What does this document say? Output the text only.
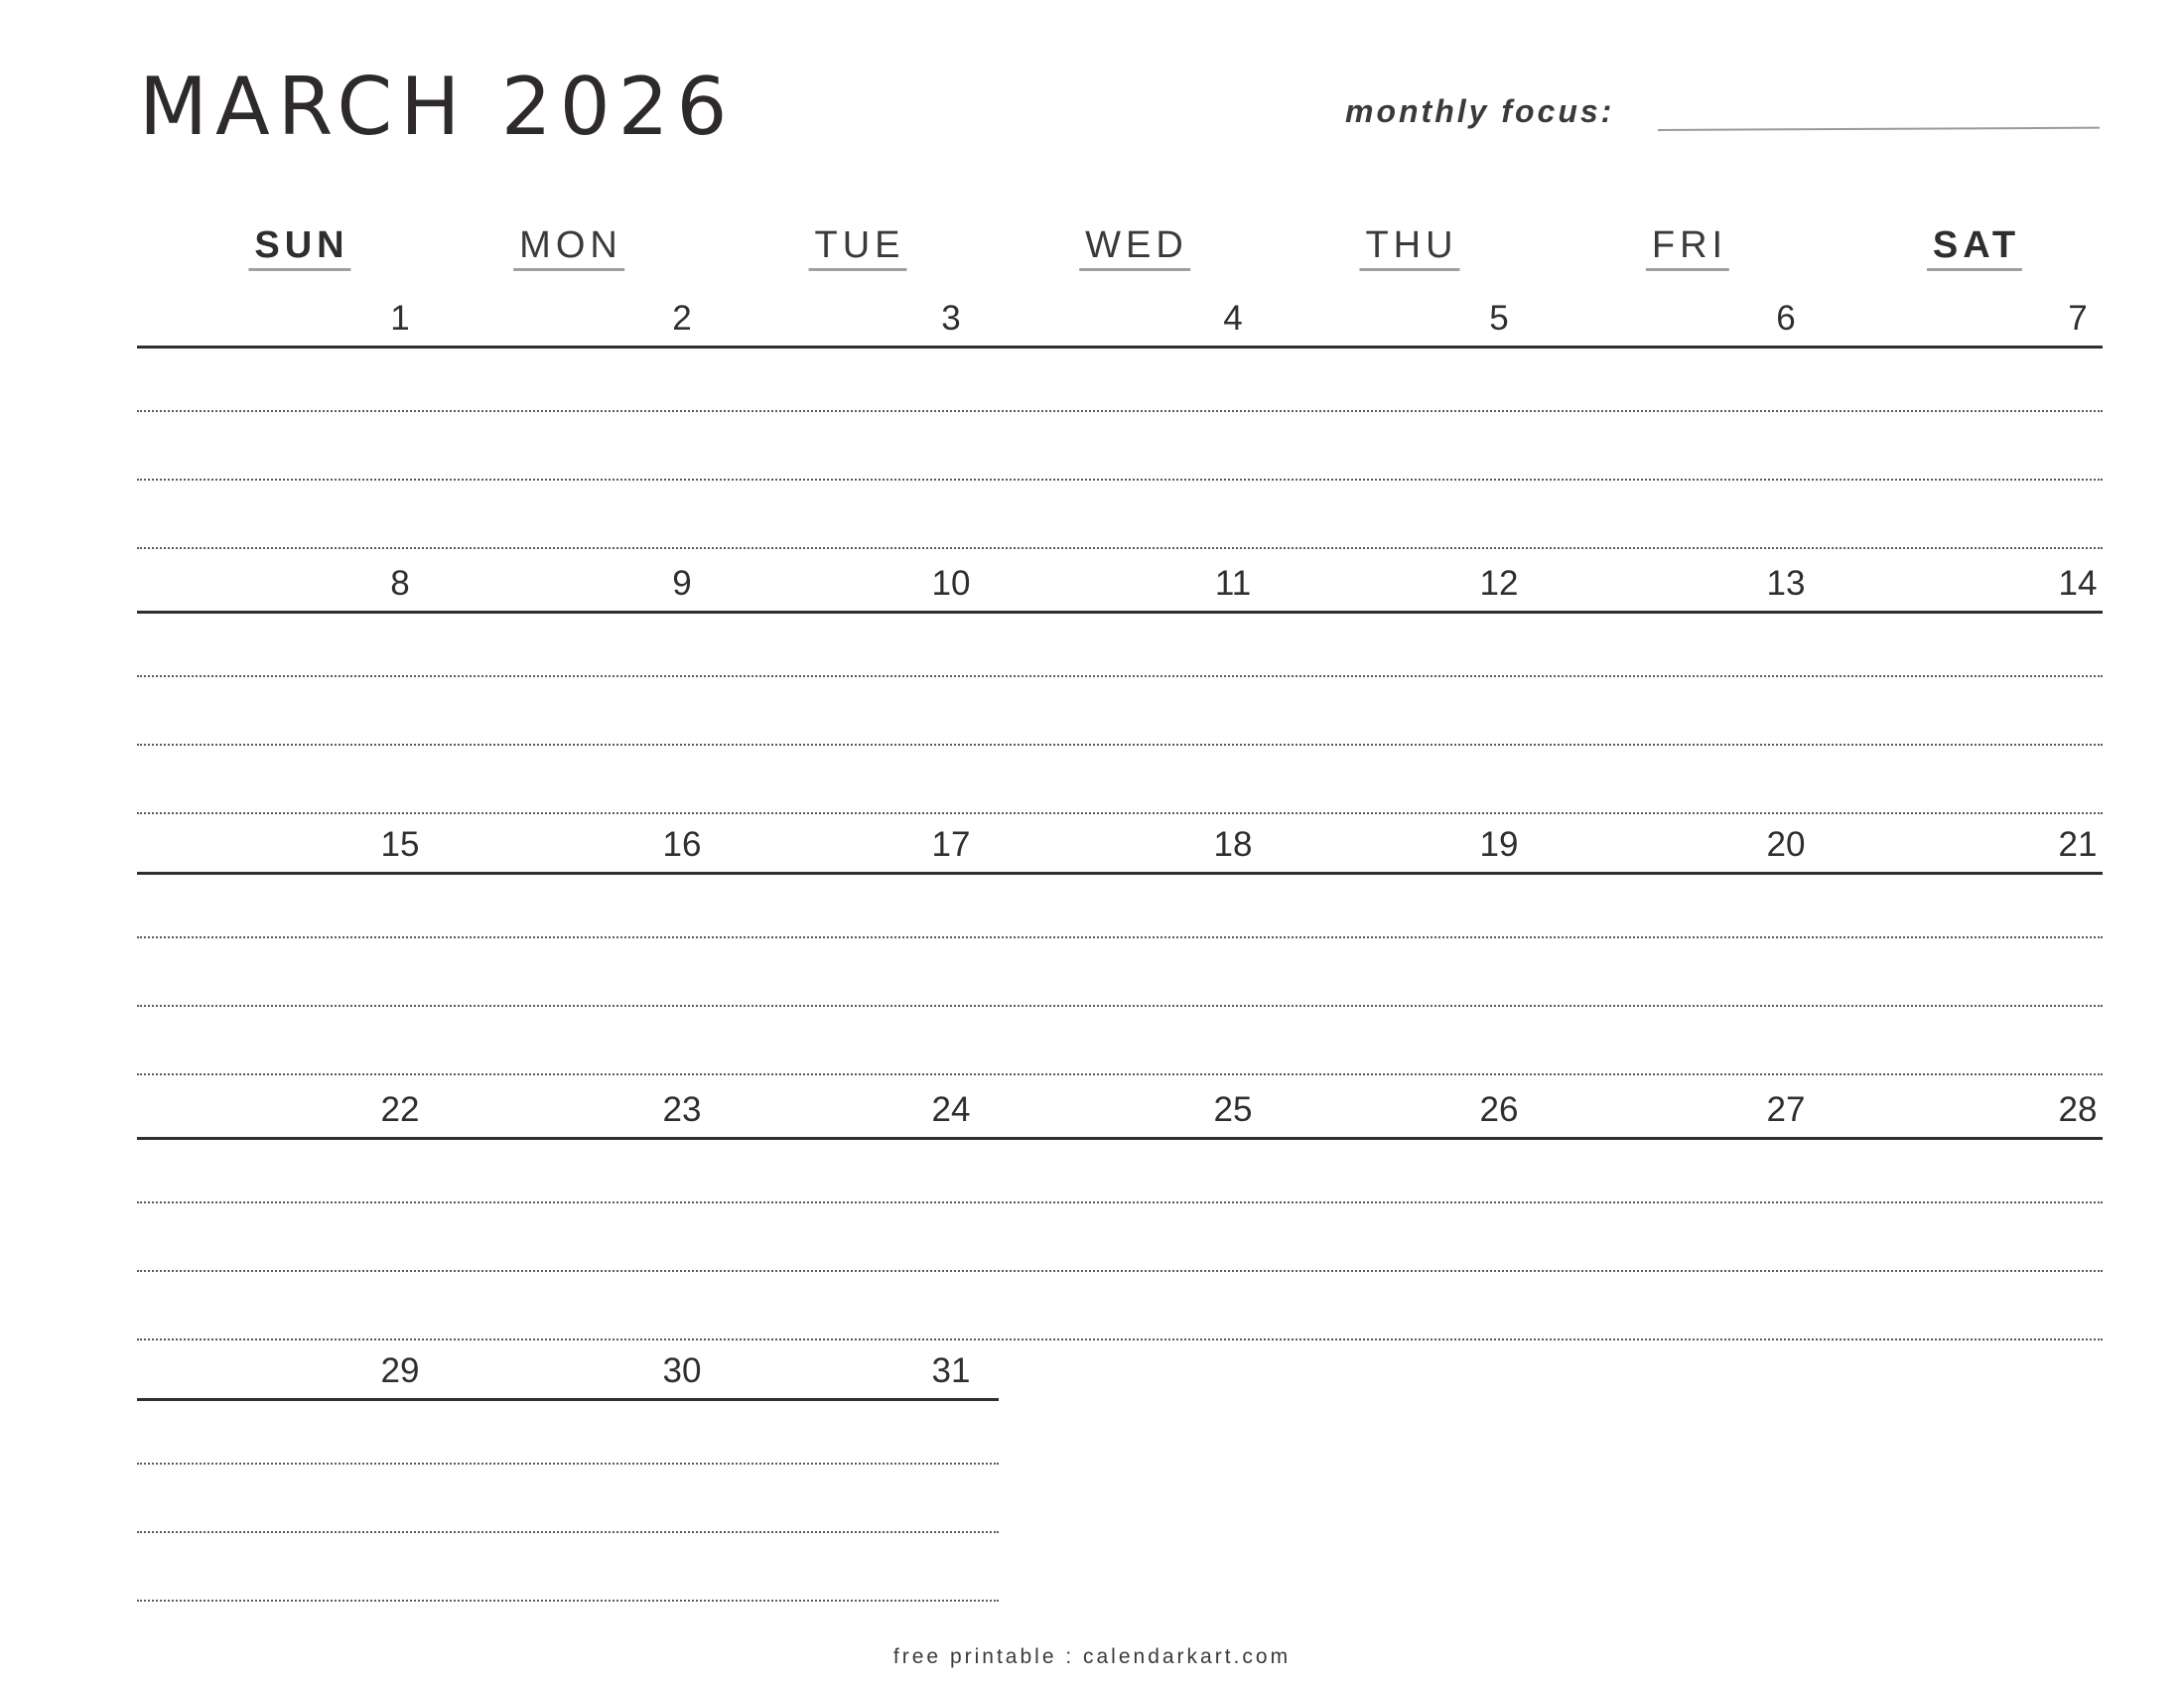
MARCH 2026	monthly focus:
SUN	MON	TUE	WED	THU	FRI	SAT
1	2	3	4	5	6	7
8	9	10	11	12	13	14
15	16	17	18	19	20	21
22	23	24	25	26	27	28
29	30	31
free printable : calendarkart.com
